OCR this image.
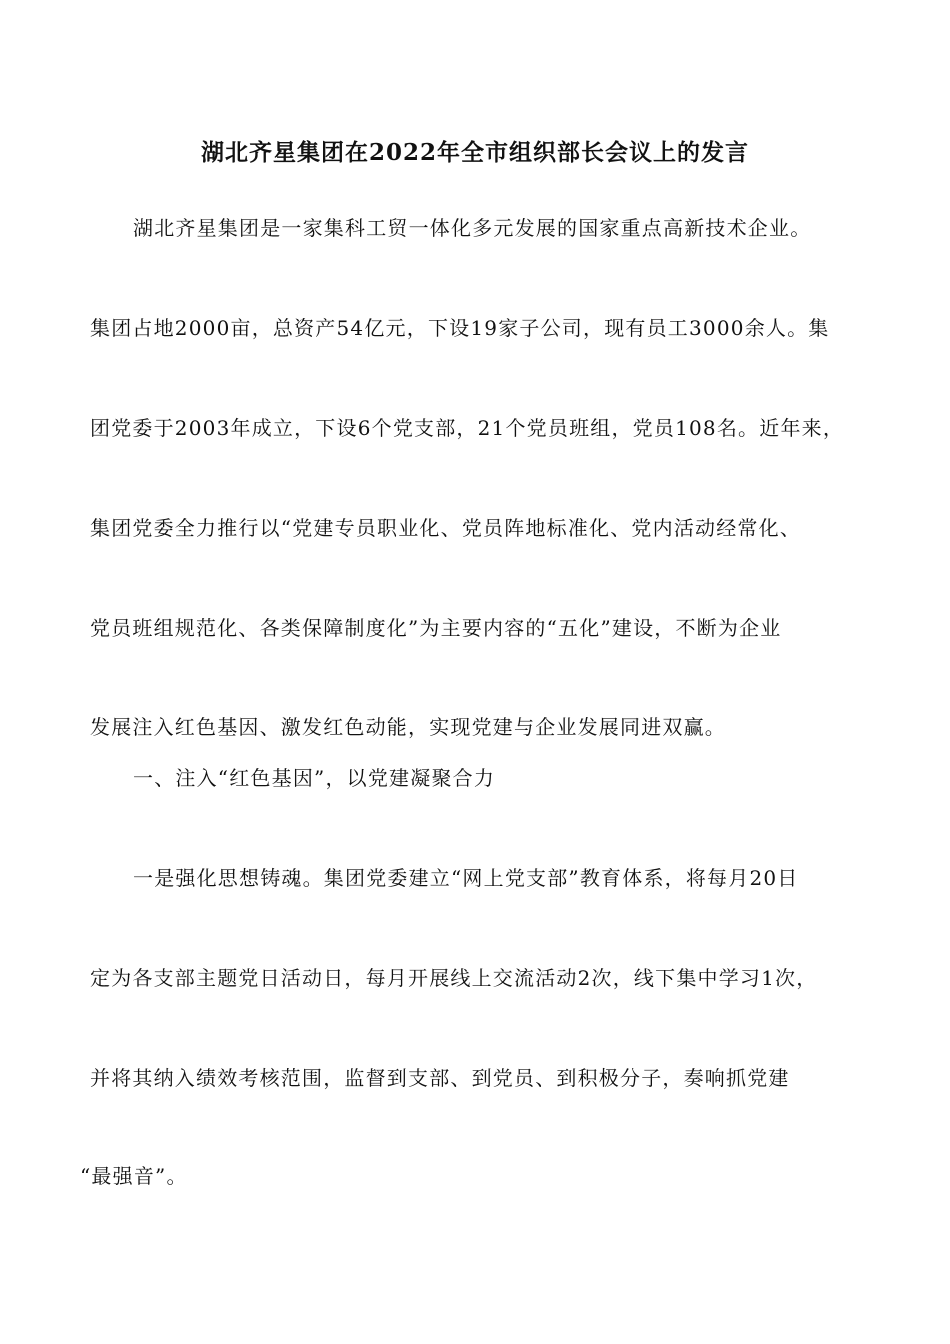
湖北齐星集团在2022年全市组织部长会议上的发言
湖北齐星集团是一家集科工贸一体化多元发展的国家重点高新技术企业。
集团占地2000亩，总资产54亿元，下设19家子公司，现有员工3000余人。集
团党委于2003年成立，下设6个党支部，21个党员班组，党员108名。近年来，
集团党委全力推行以“党建专员职业化、党员阵地标准化、党内活动经常化、
党员班组规范化、各类保障制度化”为主要内容的“五化”建设，不断为企业
发展注入红色基因、激发红色动能，实现党建与企业发展同进双赢。
一、注入“红色基因”，以党建凝聚合力
一是强化思想铸魂。集团党委建立“网上党支部”教育体系，将每月20日
定为各支部主题党日活动日，每月开展线上交流活动2次，线下集中学习1次，
并将其纳入绩效考核范围，监督到支部、到党员、到积极分子，奏响抓党建
“最强音”。
